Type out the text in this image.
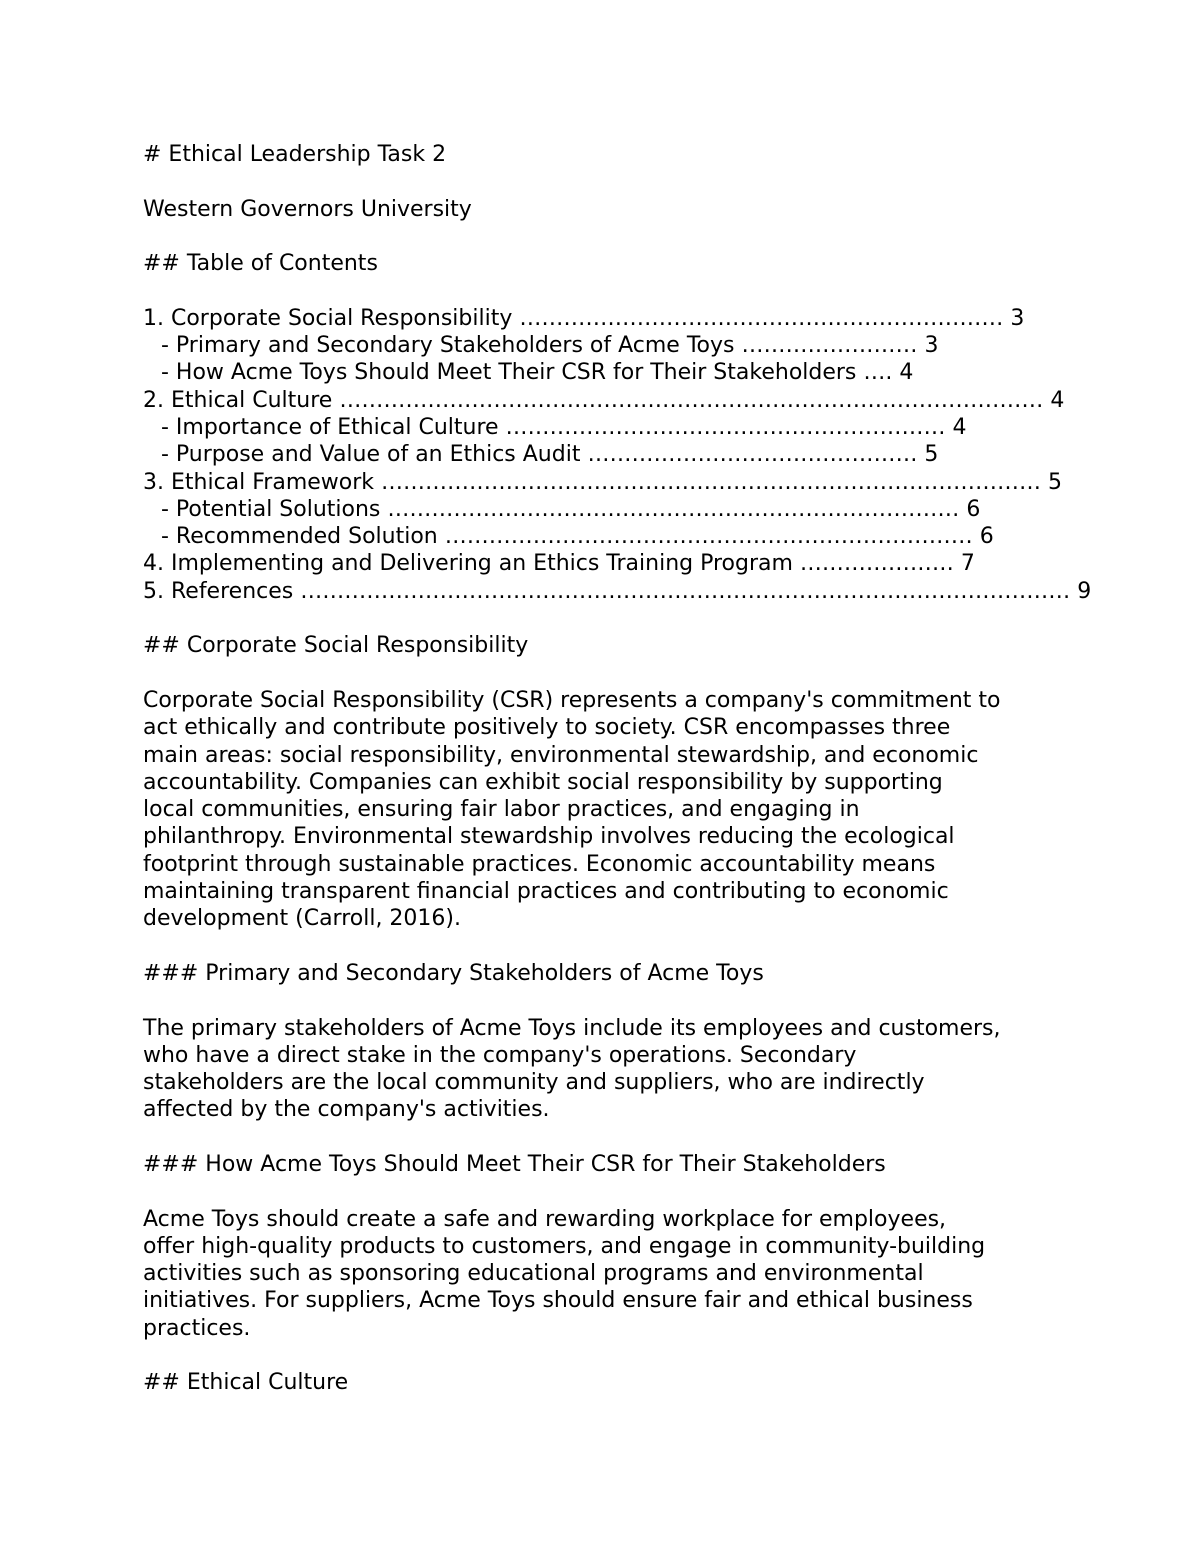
# Ethical Leadership Task 2

Western Governors University

## Table of Contents

1. Corporate Social Responsibility ………………………………………………………… 3

- Primary and Secondary Stakeholders of Acme Toys …………………… 3

- How Acme Toys Should Meet Their CSR for Their Stakeholders …. 4

2. Ethical Culture …………………………………………………………………………………… 4

- Importance of Ethical Culture …………………………………………………… 4

- Purpose and Value of an Ethics Audit ……………………………………… 5

3. Ethical Framework ……………………………………………………………………………… 5

- Potential Solutions …………………………………………………………………… 6

- Recommended Solution ……………………………………………………………… 6

4. Implementing and Delivering an Ethics Training Program ………………… 7

5. References …………………………………………………………………………………………… 9

## Corporate Social Responsibility

Corporate Social Responsibility (CSR) represents a company's commitment to

act ethically and contribute positively to society. CSR encompasses three

main areas: social responsibility, environmental stewardship, and economic

accountability. Companies can exhibit social responsibility by supporting

local communities, ensuring fair labor practices, and engaging in

philanthropy. Environmental stewardship involves reducing the ecological

footprint through sustainable practices. Economic accountability means

maintaining transparent financial practices and contributing to economic

development (Carroll, 2016).

### Primary and Secondary Stakeholders of Acme Toys

The primary stakeholders of Acme Toys include its employees and customers,

who have a direct stake in the company's operations. Secondary

stakeholders are the local community and suppliers, who are indirectly

affected by the company's activities.

### How Acme Toys Should Meet Their CSR for Their Stakeholders

Acme Toys should create a safe and rewarding workplace for employees,

offer high-quality products to customers, and engage in community-building

activities such as sponsoring educational programs and environmental

initiatives. For suppliers, Acme Toys should ensure fair and ethical business

practices.

## Ethical Culture
